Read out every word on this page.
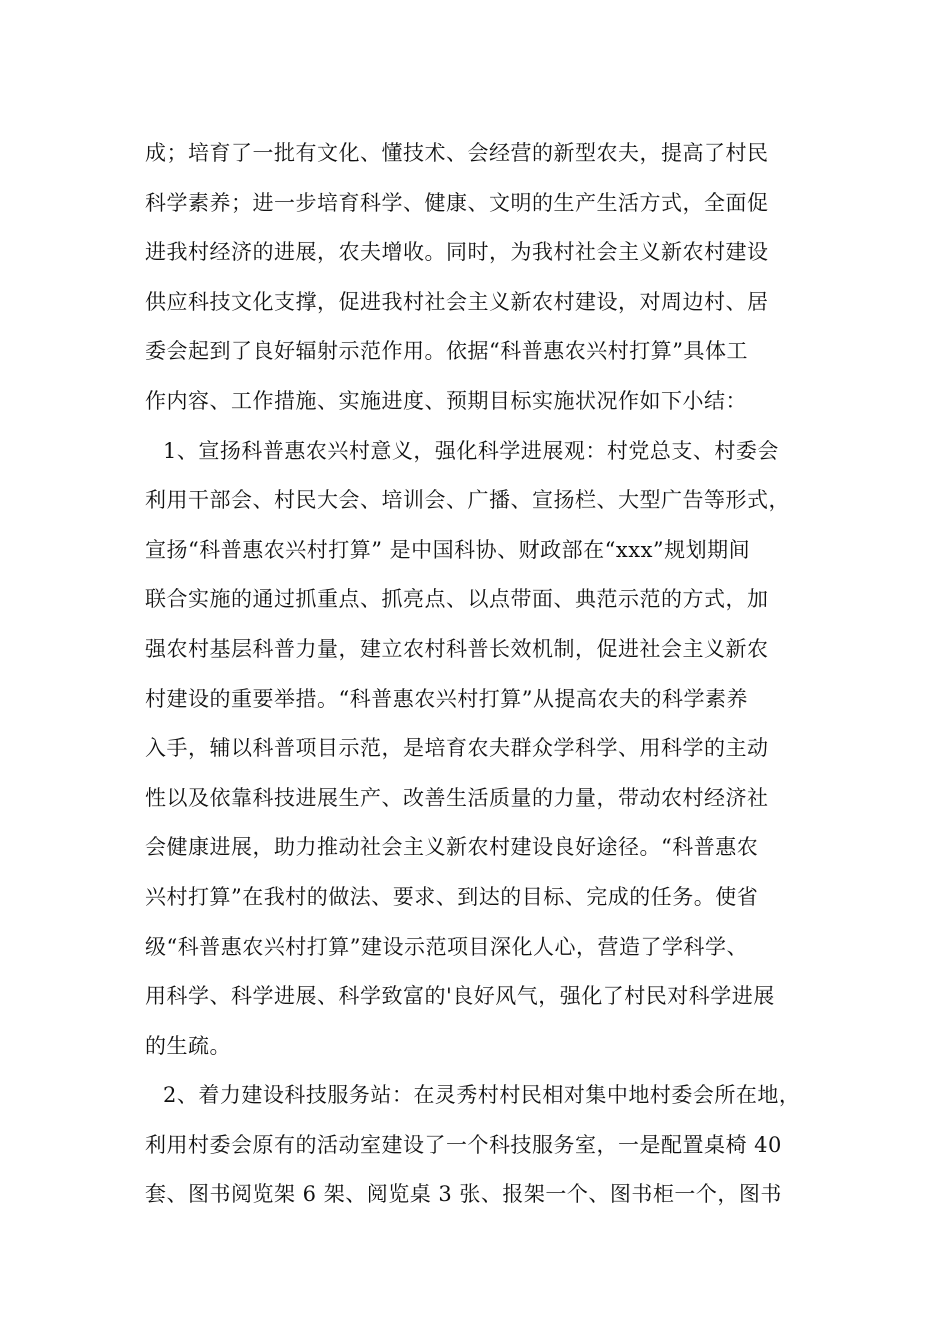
成；培育了一批有文化、懂技术、会经营的新型农夫，提高了村民
科学素养；进一步培育科学、健康、文明的生产生活方式，全面促
进我村经济的进展，农夫增收。同时，为我村社会主义新农村建设
供应科技文化支撑，促进我村社会主义新农村建设，对周边村、居
委会起到了良好辐射示范作用。依据“科普惠农兴村打算”具体工
作内容、工作措施、实施进度、预期目标实施状况作如下小结：
1、宣扬科普惠农兴村意义，强化科学进展观：村党总支、村委会
利用干部会、村民大会、培训会、广播、宣扬栏、大型广告等形式，
宣扬“科普惠农兴村打算” 是中国科协、财政部在“xxx”规划期间
联合实施的通过抓重点、抓亮点、以点带面、典范示范的方式，加
强农村基层科普力量，建立农村科普长效机制，促进社会主义新农
村建设的重要举措。“科普惠农兴村打算”从提高农夫的科学素养
入手，辅以科普项目示范，是培育农夫群众学科学、用科学的主动
性以及依靠科技进展生产、改善生活质量的力量，带动农村经济社
会健康进展，助力推动社会主义新农村建设良好途径。“科普惠农
兴村打算”在我村的做法、要求、到达的目标、完成的任务。使省
级“科普惠农兴村打算”建设示范项目深化人心，营造了学科学、
用科学、科学进展、科学致富的'良好风气，强化了村民对科学进展
的生疏。
2、着力建设科技服务站：在灵秀村村民相对集中地村委会所在地，
利用村委会原有的活动室建设了一个科技服务室，一是配置桌椅 40
套、图书阅览架 6 架、阅览桌 3 张、报架一个、图书柜一个，图书
